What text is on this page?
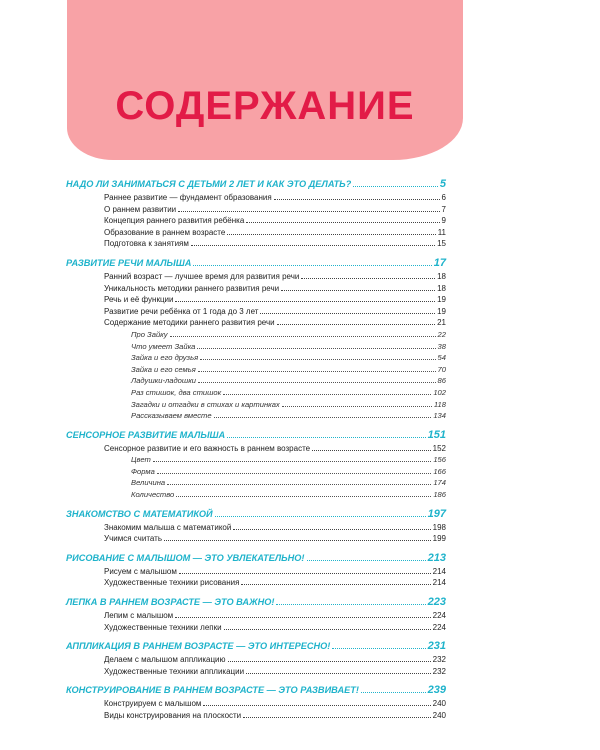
СОДЕРЖАНИЕ
НАДО ЛИ ЗАНИМАТЬСЯ С ДЕТЬМИ 2 ЛЕТ И КАК ЭТО ДЕЛАТЬ?	5
Раннее развитие — фундамент образования	6
О раннем развитии	7
Концепция раннего развития ребёнка	9
Образование в раннем возрасте	11
Подготовка к занятиям	15
РАЗВИТИЕ РЕЧИ МАЛЫША	17
Ранний возраст — лучшее время для развития речи	18
Уникальность методики раннего развития речи	18
Речь и её функции	19
Развитие речи ребёнка от 1 года до 3 лет	19
Содержание методики раннего развития речи	21
Про Зайку	22
Что умеет Зайка	38
Зайка и его друзья	54
Зайка и его семья	70
Ладушки-ладошки	86
Раз стишок, два стишок	102
Загадки и отгадки в стихах и картинках	118
Рассказываем вместе	134
СЕНСОРНОЕ РАЗВИТИЕ МАЛЫША	151
Сенсорное развитие и его важность в раннем возрасте	152
Цвет	156
Форма	166
Величина	174
Количество	186
ЗНАКОМСТВО С МАТЕМАТИКОЙ	197
Знакомим малыша с математикой	198
Учимся считать	199
РИСОВАНИЕ С МАЛЫШОМ — ЭТО УВЛЕКАТЕЛЬНО!	213
Рисуем с малышом	214
Художественные техники рисования	214
ЛЕПКА В РАННЕМ ВОЗРАСТЕ — ЭТО ВАЖНО!	223
Лепим с малышом	224
Художественные техники лепки	224
АППЛИКАЦИЯ В РАННЕМ ВОЗРАСТЕ — ЭТО ИНТЕРЕСНО!	231
Делаем с малышом аппликацию	232
Художественные техники аппликации	232
КОНСТРУИРОВАНИЕ В РАННЕМ ВОЗРАСТЕ — ЭТО РАЗВИВАЕТ!	239
Конструируем с малышом	240
Виды конструирования на плоскости	240
